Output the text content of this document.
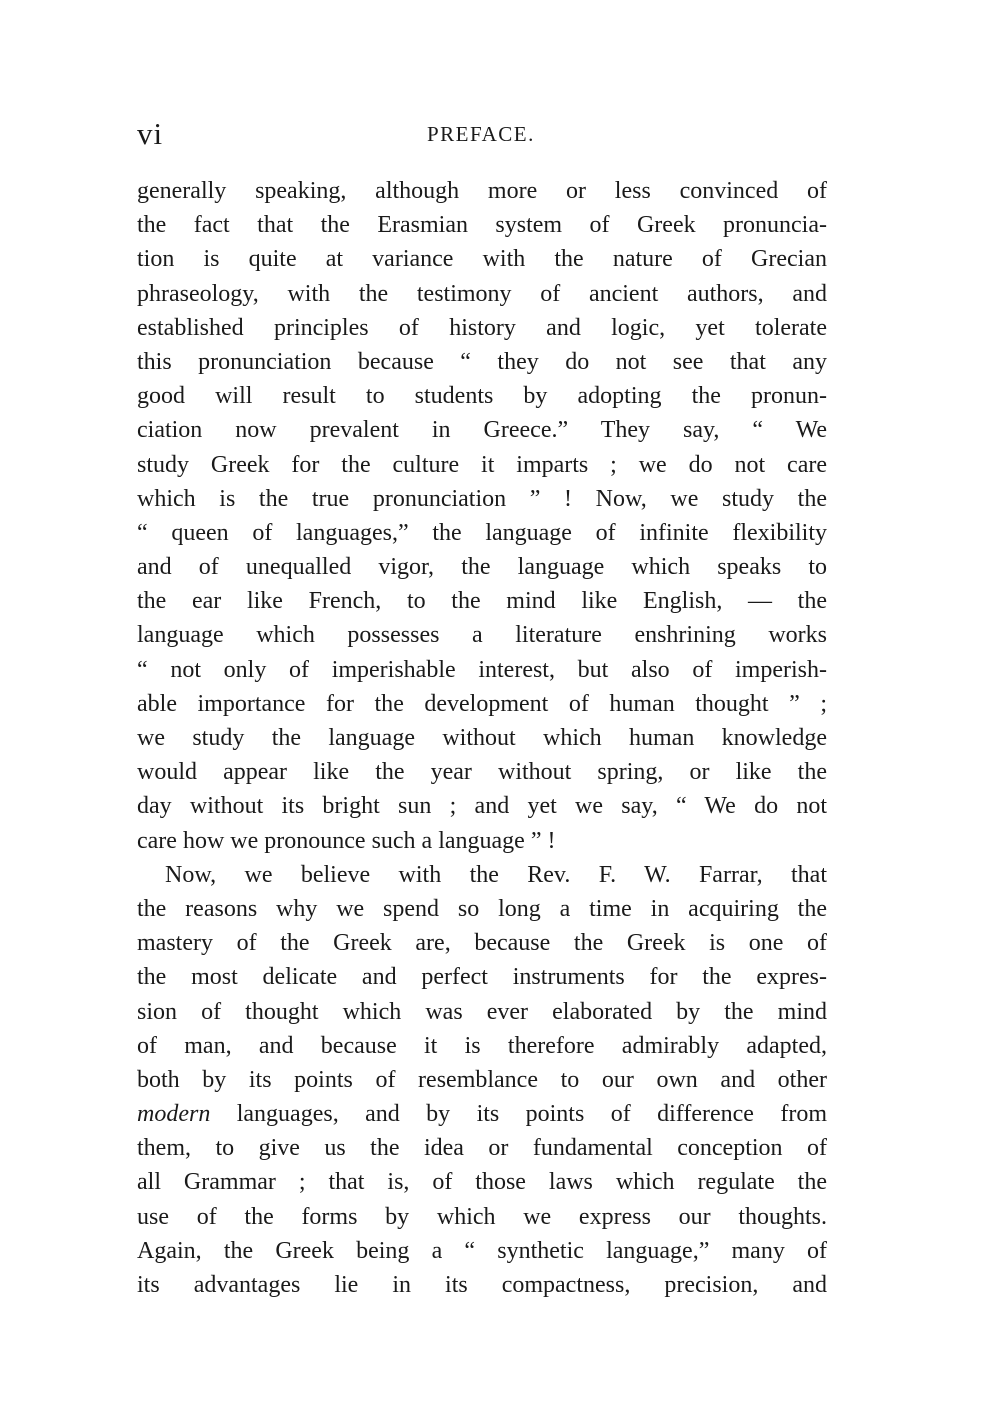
vi	PREFACE.
generally speaking, although more or less convinced of
the fact that the Erasmian system of Greek pronuncia-
tion is quite at variance with the nature of Grecian
phraseology, with the testimony of ancient authors, and
established principles of history and logic, yet tolerate
this pronunciation because “ they do not see that any
good will result to students by adopting the pronun-
ciation now prevalent in Greece.” They say, “ We
study Greek for the culture it imparts ; we do not care
which is the true pronunciation ” ! Now, we study the
“ queen of languages,” the language of infinite flexibility
and of unequalled vigor, the language which speaks to
the ear like French, to the mind like English, — the
language which possesses a literature enshrining works
“ not only of imperishable interest, but also of imperish-
able importance for the development of human thought ” ;
we study the language without which human knowledge
would appear like the year without spring, or like the
day without its bright sun ; and yet we say, “ We do not
care how we pronounce such a language ” !
Now, we believe with the Rev. F. W. Farrar, that
the reasons why we spend so long a time in acquiring the
mastery of the Greek are, because the Greek is one of
the most delicate and perfect instruments for the expres-
sion of thought which was ever elaborated by the mind
of man, and because it is therefore admirably adapted,
both by its points of resemblance to our own and other
modern languages, and by its points of difference from
them, to give us the idea or fundamental conception of
all Grammar ; that is, of those laws which regulate the
use of the forms by which we express our thoughts.
Again, the Greek being a “ synthetic language,” many of
its advantages lie in its compactness, precision, and
